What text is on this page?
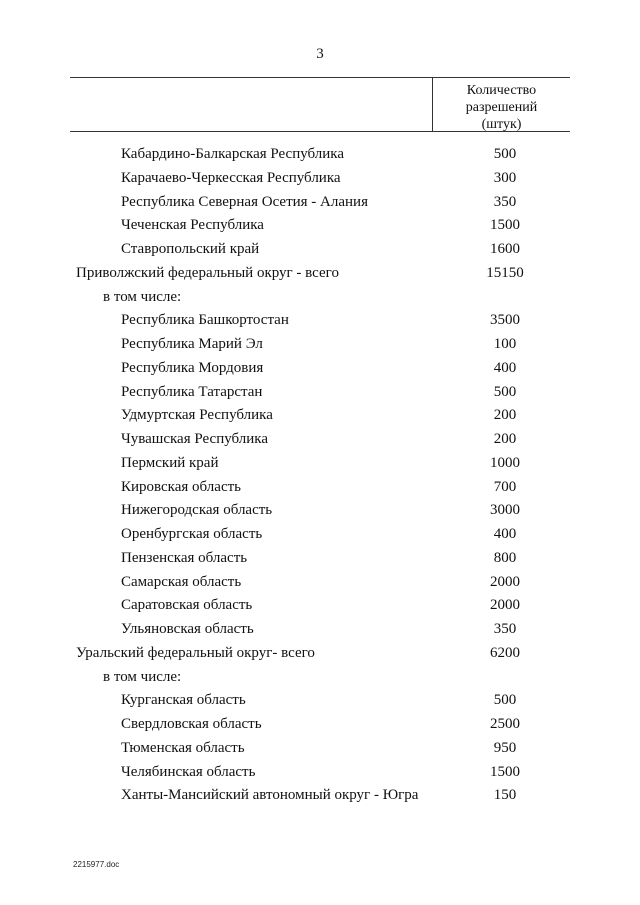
3
Количество
разрешений
(штук)
Кабардино-Балкарская Республика	500
Карачаево-Черкесская Республика	300
Республика Северная Осетия - Алания	350
Чеченская Республика	1500
Ставропольский край	1600
Приволжский федеральный округ - всего	15150
в том числе:
Республика Башкортостан	3500
Республика Марий Эл	100
Республика Мордовия	400
Республика Татарстан	500
Удмуртская Республика	200
Чувашская Республика	200
Пермский край	1000
Кировская область	700
Нижегородская область	3000
Оренбургская область	400
Пензенская область	800
Самарская область	2000
Саратовская область	2000
Ульяновская область	350
Уральский федеральный округ- всего	6200
в том числе:
Курганская область	500
Свердловская область	2500
Тюменская область	950
Челябинская область	1500
Ханты-Мансийский автономный округ - Югра	150
2215977.doc
